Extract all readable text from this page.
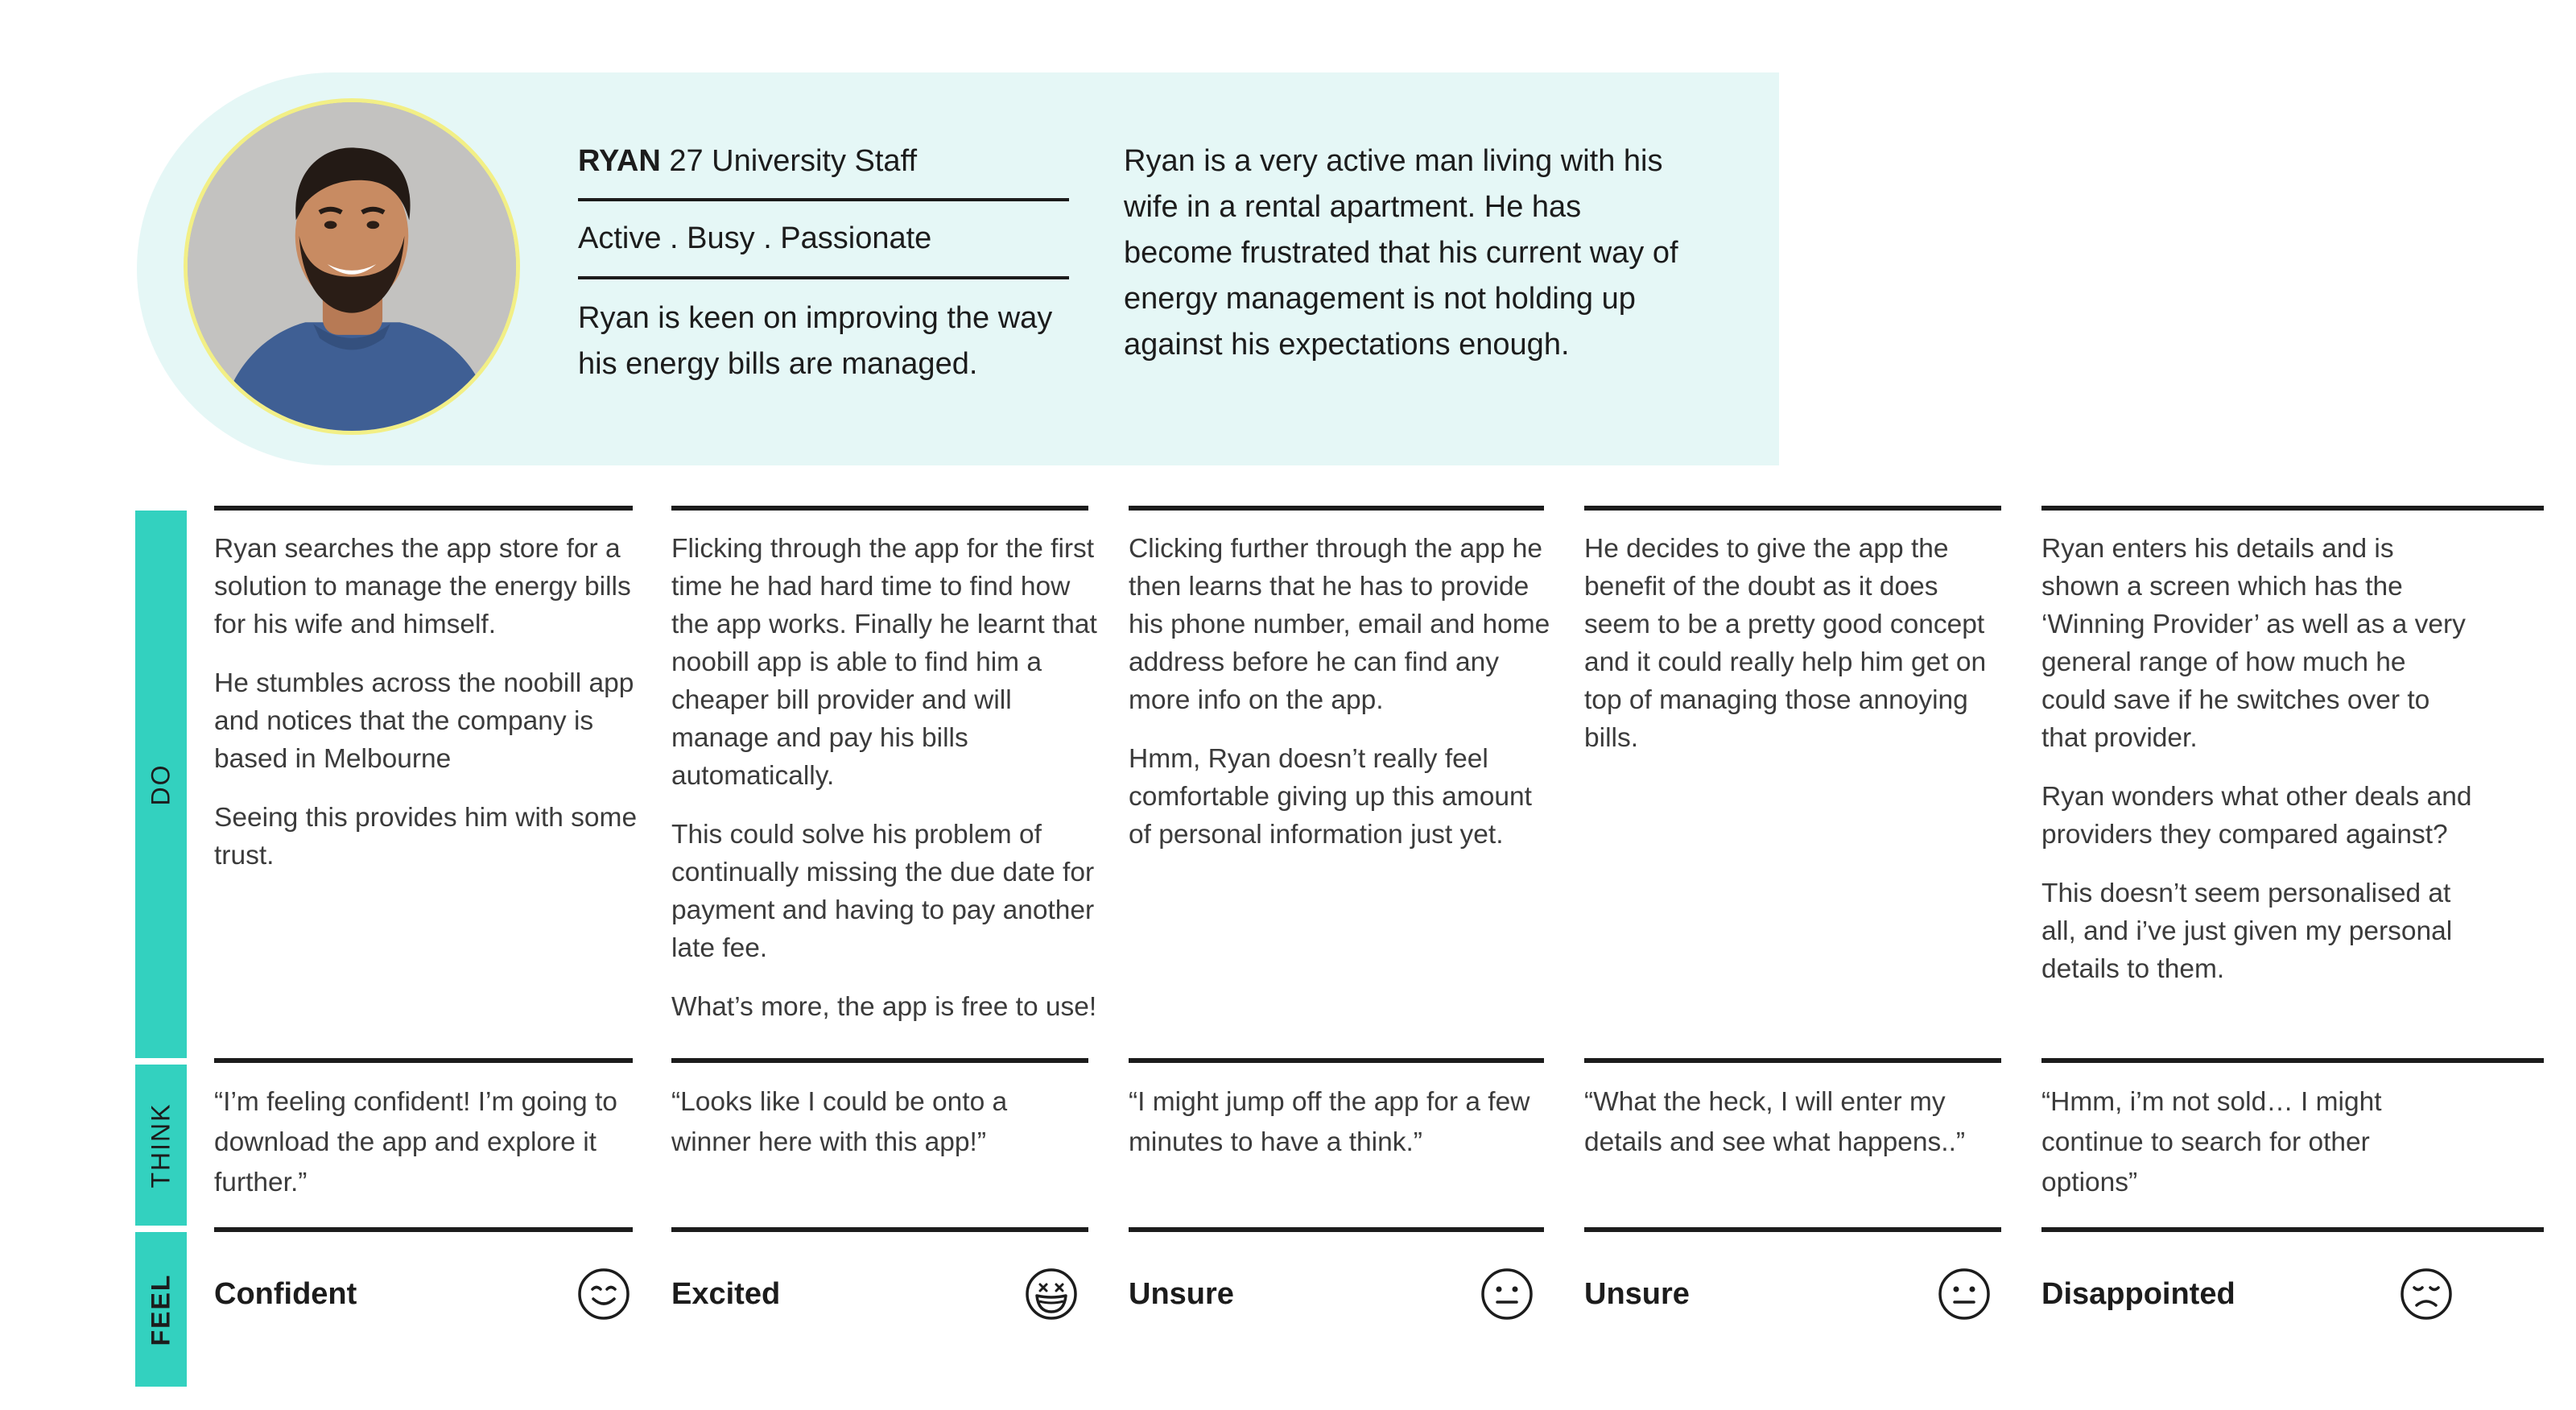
RYAN 27 University Staff
Active . Busy . Passionate
Ryan is keen on improving the way his energy bills are managed.
Ryan is a very active man living with his wife in a rental apartment. He has become frustrated that his current way of energy management is not holding up against his expectations enough.
DO
THINK
FEEL

Ryan searches the app store for a solution to manage the energy bills for his wife and himself.

He stumbles across the noobill app and notices that the company is based in Melbourne

Seeing this provides him with some trust.

“I’m feeling confident! I’m going to download the app and explore it further.”
Confident

Flicking through the app for the first time he had hard time to find how the app works. Finally he learnt that noobill app is able to find him a cheaper bill provider and will manage and pay his bills automatically.

This could solve his problem of continually missing the due date for payment and having to pay another late fee.

What’s more, the app is free to use!

“Looks like I could be onto a winner here with this app!”
Excited

Clicking further through the app he then learns that he has to provide his phone number, email and home address before he can find any more info on the app.

Hmm, Ryan doesn’t really feel comfortable giving up this amount of personal information just yet.

“I might jump off the app for a few minutes to have a think.”
Unsure

He decides to give the app the benefit of the doubt as it does seem to be a pretty good concept and it could really help him get on top of managing those annoying bills.

“What the heck, I will enter my details and see what happens..”
Unsure

Ryan enters his details and is shown a screen which has the ‘Winning Provider’ as well as a very general range of how much he could save if he switches over to that provider.

Ryan wonders what other deals and providers they compared against?

This doesn’t seem personalised at all, and i’ve just given my personal details to them.

“Hmm, i’m not sold… I might continue to search for other options”
Disappointed
